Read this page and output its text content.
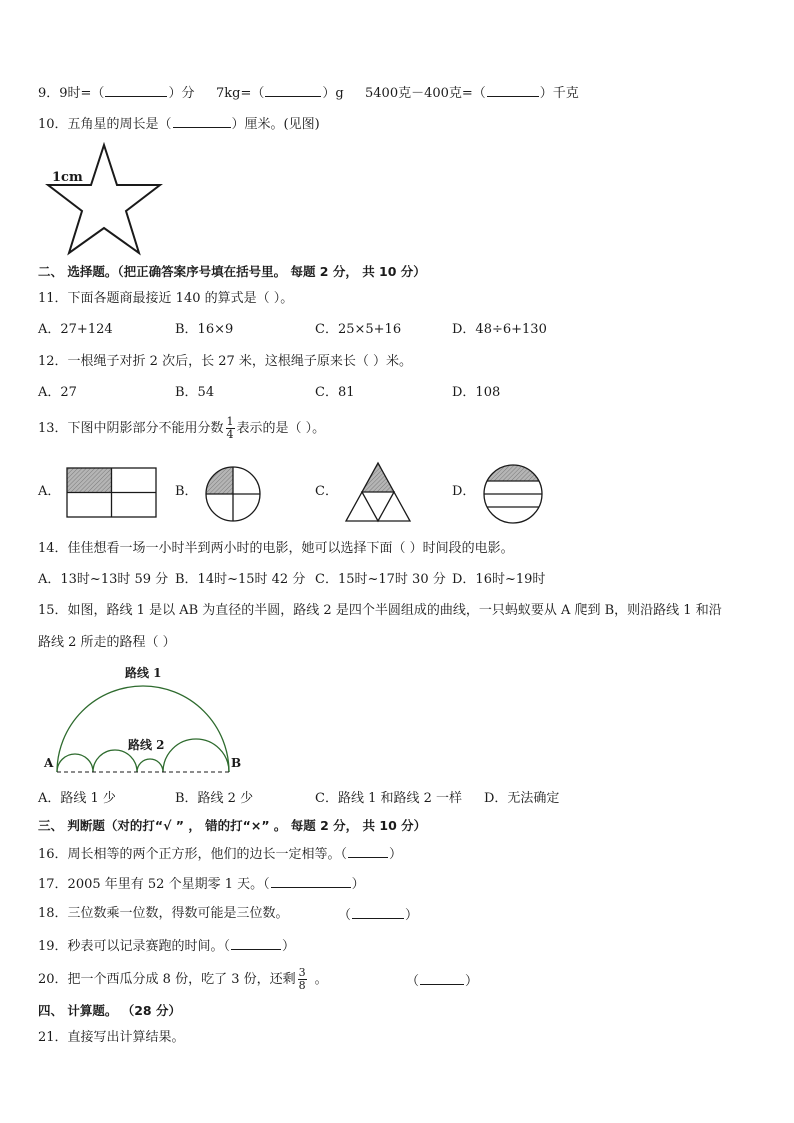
9．9时=（	）分 7kg=（	）g 5400克－400克=（	）千克
10．五角星的周长是（	）厘米。(见图)
1cm
二、 选择题。（把正确答案序号填在括号里。 每题 2 分， 共 10 分）
11．下面各题商最接近 140 的算式是（ ）。
A．27+124	B．16×9	C．25×5+16	D．48÷6+130
12．一根绳子对折 2 次后，长 27 米，这根绳子原来长（ ）米。
A．27	B．54	C．81	D．108
13．下图中阴影部分不能用分数 $\frac{1}{4}$ 表示的是（ ）。
A．	B．	C．	D．
14．佳佳想看一场一小时半到两小时的电影，她可以选择下面（ ）时间段的电影。
A．13时~13时 59 分 B．14时~15时 42 分 C．15时~17时 30 分 D．16时~19时
15．如图，路线 1 是以 AB 为直径的半圆，路线 2 是四个半圆组成的曲线，一只蚂蚁要从 A 爬到 B，则沿路线 1 和沿
路线 2 所走的路程（ ）
路线 1
路线 2
A	B
A．路线 1 少	B．路线 2 少	C．路线 1 和路线 2 一样 D．无法确定
三、 判断题（对的打“√ ” ， 错的打“×” 。 每题 2 分， 共 10 分）
16．周长相等的两个正方形，他们的边长一定相等。（	）
17．2005 年里有 52 个星期零 1 天。（	）
18．三位数乘一位数，得数可能是三位数。	（	）
19．秒表可以记录赛跑的时间。（	）
20．把一个西瓜分成 8 份，吃了 3 份，还剩 $\frac{3}{8}$ 。	（	）
四、 计算题。 （28 分）
21．直接写出计算结果。
